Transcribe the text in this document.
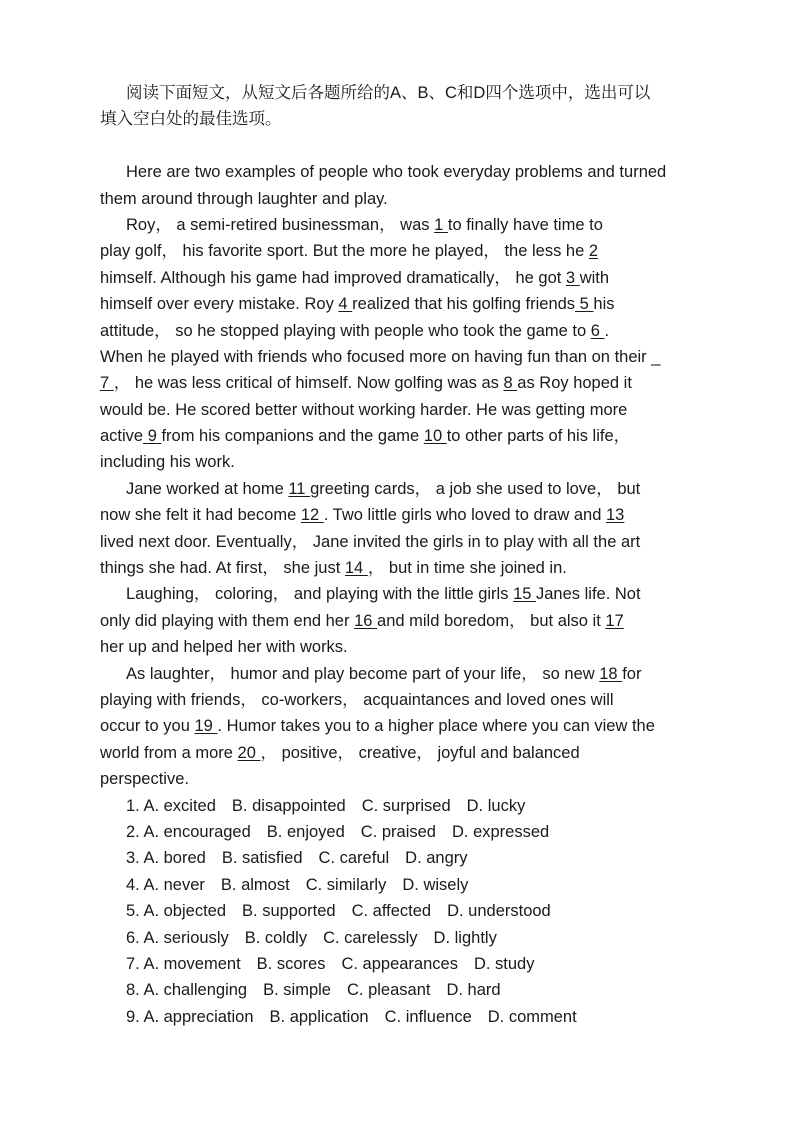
阅读下面短文，从短文后各题所给的A、B、C和D四个选项中，选出可以
填入空白处的最佳选项。
Here are two examples of people who took everyday problems and turned
them around through laughter and play.
Roy， a semi-retired businessman， was 1 to finally have time to
play golf， his favorite sport. But the more he played， the less he 2
himself. Although his game had improved dramatically， he got 3 with
himself over every mistake. Roy 4 realized that his golfing friends 5 his
attitude， so he stopped playing with people who took the game to 6 .
When he played with friends who focused more on having fun than on their _
7 ， he was less critical of himself. Now golfing was as 8 as Roy hoped it
would be. He scored better without working harder. He was getting more
active 9 from his companions and the game 10 to other parts of his life，
including his work.
Jane worked at home 11 greeting cards， a job she used to love， but
now she felt it had become 12 . Two little girls who loved to draw and 13
lived next door. Eventually， Jane invited the girls in to play with all the art
things she had. At first， she just 14 ， but in time she joined in.
Laughing， coloring， and playing with the little girls 15 Janes life. Not
only did playing with them end her 16 and mild boredom， but also it 17
her up and helped her with works.
As laughter， humor and play become part of your life， so new 18 for
playing with friends， co-workers， acquaintances and loved ones will
occur to you 19 . Humor takes you to a higher place where you can view the
world from a more 20 ， positive， creative， joyful and balanced
perspective.
1. A. excited B. disappointed C. surprised D. lucky
2. A. encouraged B. enjoyed C. praised D. expressed
3. A. bored B. satisfied C. careful D. angry
4. A. never B. almost C. similarly D. wisely
5. A. objected B. supported C. affected D. understood
6. A. seriously B. coldly C. carelessly D. lightly
7. A. movement B. scores C. appearances D. study
8. A. challenging B. simple C. pleasant D. hard
9. A. appreciation B. application C. influence D. comment
